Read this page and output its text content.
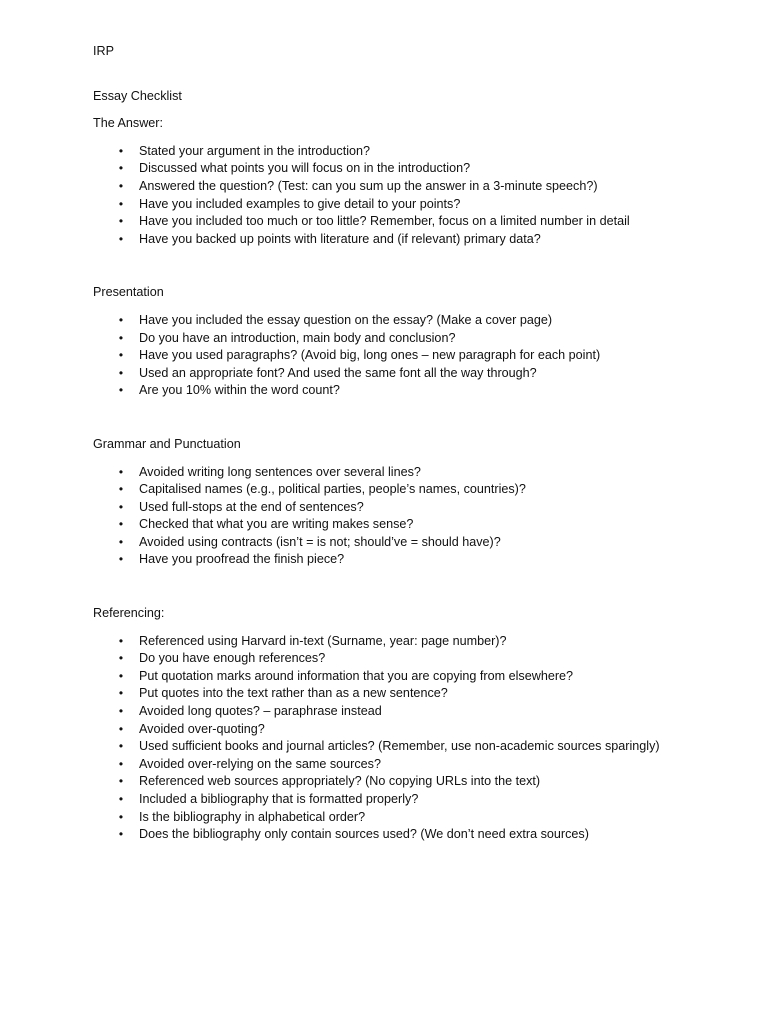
IRP
Essay Checklist
The Answer:
• Stated your argument in the introduction?
• Discussed what points you will focus on in the introduction?
• Answered the question? (Test: can you sum up the answer in a 3-minute speech?)
• Have you included examples to give detail to your points?
• Have you included too much or too little? Remember, focus on a limited number in detail
• Have you backed up points with literature and (if relevant) primary data?
Presentation
• Have you included the essay question on the essay? (Make a cover page)
• Do you have an introduction, main body and conclusion?
• Have you used paragraphs? (Avoid big, long ones – new paragraph for each point)
• Used an appropriate font? And used the same font all the way through?
• Are you 10% within the word count?
Grammar and Punctuation
• Avoided writing long sentences over several lines?
• Capitalised names (e.g., political parties, people’s names, countries)?
• Used full-stops at the end of sentences?
• Checked that what you are writing makes sense?
• Avoided using contracts (isn’t = is not; should’ve = should have)?
• Have you proofread the finish piece?
Referencing:
• Referenced using Harvard in-text (Surname, year: page number)?
• Do you have enough references?
• Put quotation marks around information that you are copying from elsewhere?
• Put quotes into the text rather than as a new sentence?
• Avoided long quotes? – paraphrase instead
• Avoided over-quoting?
• Used sufficient books and journal articles? (Remember, use non-academic sources sparingly)
• Avoided over-relying on the same sources?
• Referenced web sources appropriately? (No copying URLs into the text)
• Included a bibliography that is formatted properly?
• Is the bibliography in alphabetical order?
• Does the bibliography only contain sources used? (We don’t need extra sources)
